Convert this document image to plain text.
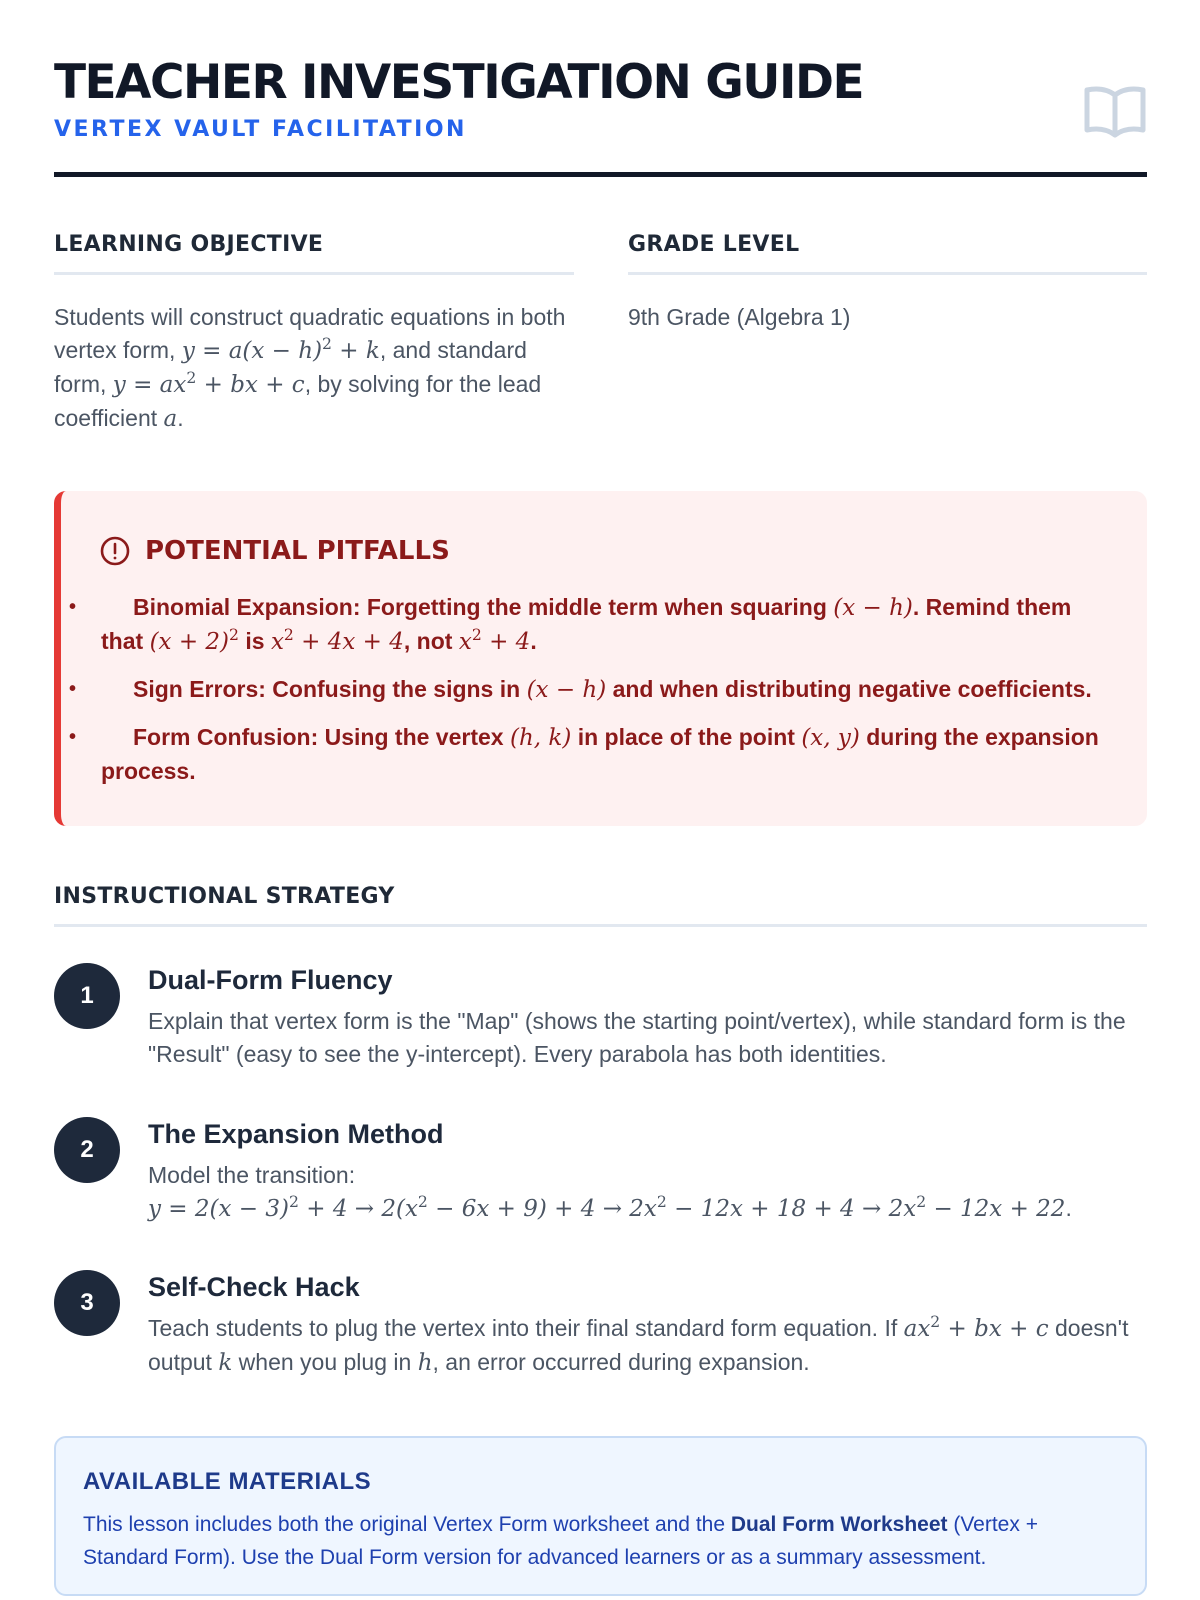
TEACHER INVESTIGATION GUIDE
VERTEX VAULT FACILITATION
LEARNING OBJECTIVE
Students will construct quadratic equations in both vertex form, $y = a(x - h)^2 + k$, and standard form, $y = ax^2$ + bx + c, by solving for the lead coefficient a.
GRADE LEVEL
9th Grade (Algebra 1)
POTENTIAL PITFALLS
• Binomial Expansion: Forgetting the middle term when squaring (x − h). Remind them that $(x + 2)^2$ is $x^2 + 4x + 4$, not $x^2 + 4$.
• Sign Errors: Confusing the signs in (x − h) and when distributing negative coefficients.
• Form Confusion: Using the vertex (h, k) in place of the point (x, y) during the expansion process.
INSTRUCTIONAL STRATEGY
1
Dual-Form Fluency
Explain that vertex form is the "Map" (shows the starting point/vertex), while standard form is the "Result" (easy to see the y-intercept). Every parabola has both identities.
2
The Expansion Method
Model the transition:
$y = 2(x - 3)^2 + 4 \to 2(x^2 - 6x + 9) + 4 \to 2x^2 - 12x + 18 + 4 \to 2x^2 - 12x + 22$.
3
Self-Check Hack
Teach students to plug the vertex into their final standard form equation. If $ax^2$ + bx + c doesn't output k when you plug in h, an error occurred during expansion.
AVAILABLE MATERIALS
This lesson includes both the original Vertex Form worksheet and the Dual Form Worksheet (Vertex + Standard Form). Use the Dual Form version for advanced learners or as a summary assessment.
